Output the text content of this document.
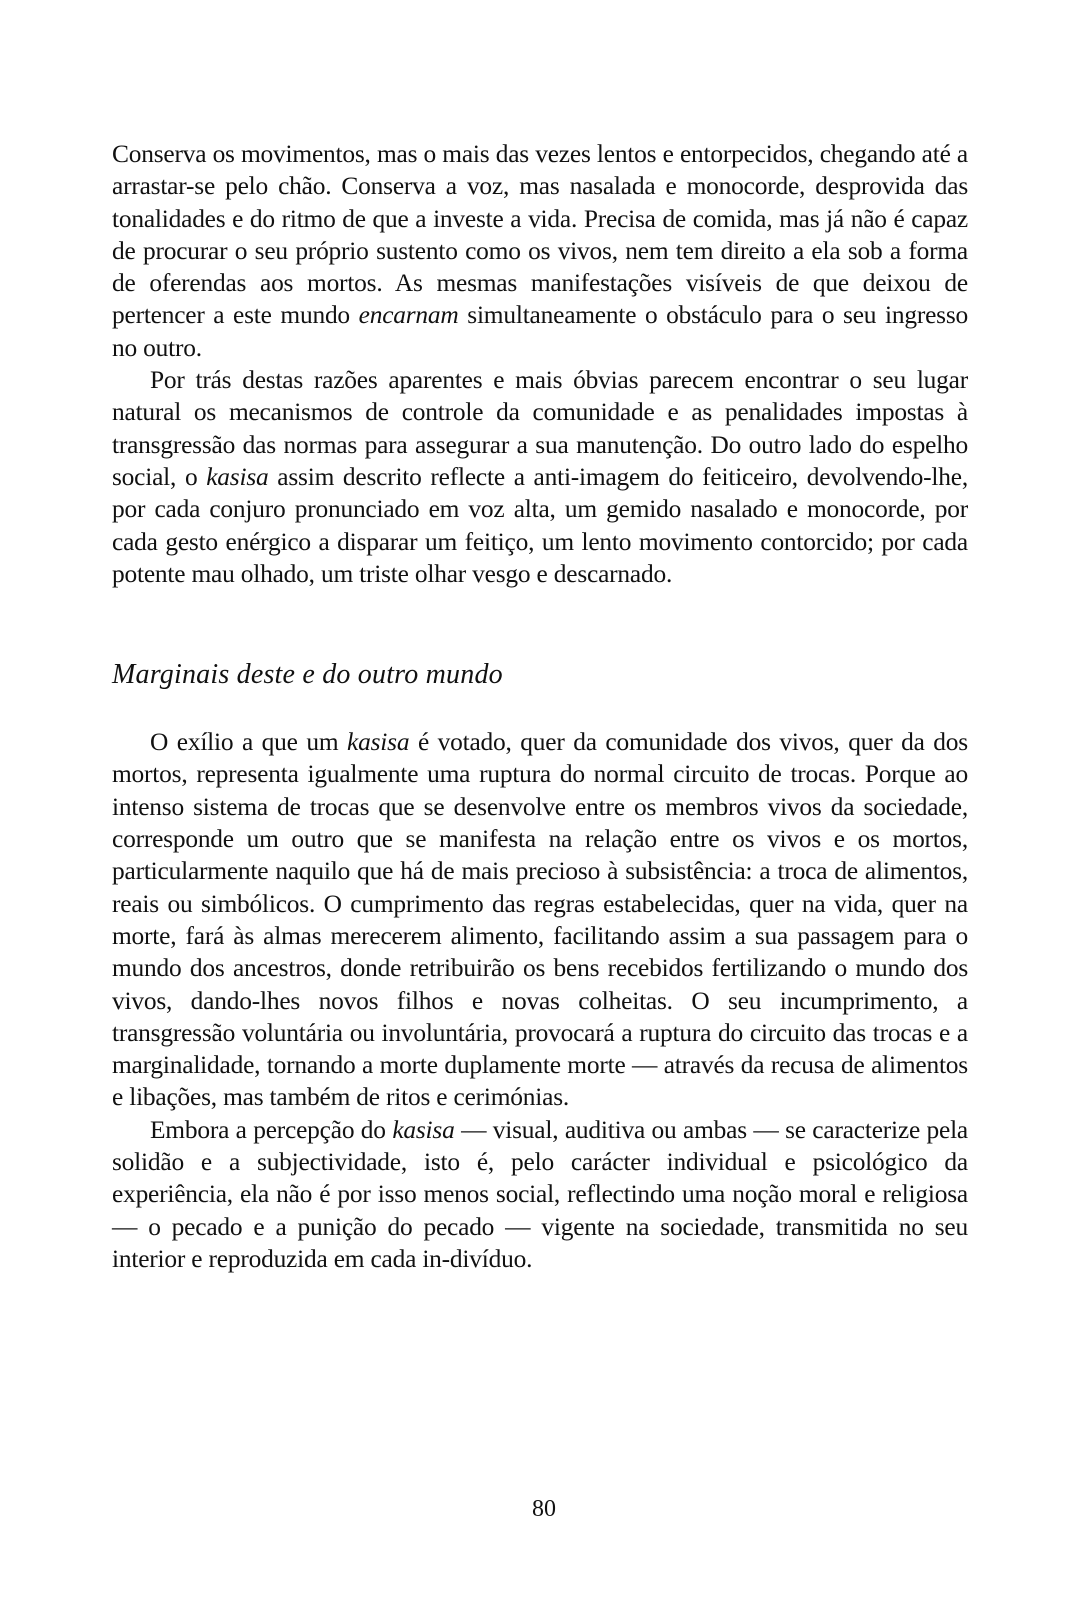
Conserva os movimentos, mas o mais das vezes lentos e entorpecidos, chegando até a arrastar-se pelo chão. Conserva a voz, mas nasalada e monocorde, desprovida das tonalidades e do ritmo de que a investe a vida. Precisa de comida, mas já não é capaz de procurar o seu próprio sustento como os vivos, nem tem direito a ela sob a forma de oferendas aos mortos. As mesmas manifestações visíveis de que deixou de pertencer a este mundo encarnam simultaneamente o obstáculo para o seu ingresso no outro.

Por trás destas razões aparentes e mais óbvias parecem encontrar o seu lugar natural os mecanismos de controle da comunidade e as penalidades impostas à transgressão das normas para assegurar a sua manutenção. Do outro lado do espelho social, o kasisa assim descrito reflecte a anti-imagem do feiticeiro, devolvendo-lhe, por cada conjuro pronunciado em voz alta, um gemido nasalado e monocorde, por cada gesto enérgico a disparar um feitiço, um lento movimento contorcido; por cada potente mau olhado, um triste olhar vesgo e descarnado.

Marginais deste e do outro mundo

O exílio a que um kasisa é votado, quer da comunidade dos vivos, quer da dos mortos, representa igualmente uma ruptura do normal circuito de trocas. Porque ao intenso sistema de trocas que se desenvolve entre os membros vivos da sociedade, corresponde um outro que se manifesta na relação entre os vivos e os mortos, particularmente naquilo que há de mais precioso à subsistência: a troca de alimentos, reais ou simbólicos. O cumprimento das regras estabelecidas, quer na vida, quer na morte, fará às almas merecerem alimento, facilitando assim a sua passagem para o mundo dos ancestros, donde retribuirão os bens recebidos fertilizando o mundo dos vivos, dando-lhes novos filhos e novas colheitas. O seu incumprimento, a transgressão voluntária ou involuntária, provocará a ruptura do circuito das trocas e a marginalidade, tornando a morte duplamente morte — através da recusa de alimentos e libações, mas também de ritos e cerimónias.

Embora a percepção do kasisa — visual, auditiva ou ambas — se caracterize pela solidão e a subjectividade, isto é, pelo carácter individual e psicológico da experiência, ela não é por isso menos social, reflectindo uma noção moral e religiosa — o pecado e a punição do pecado — vigente na sociedade, transmitida no seu interior e reproduzida em cada in-divíduo.

80
